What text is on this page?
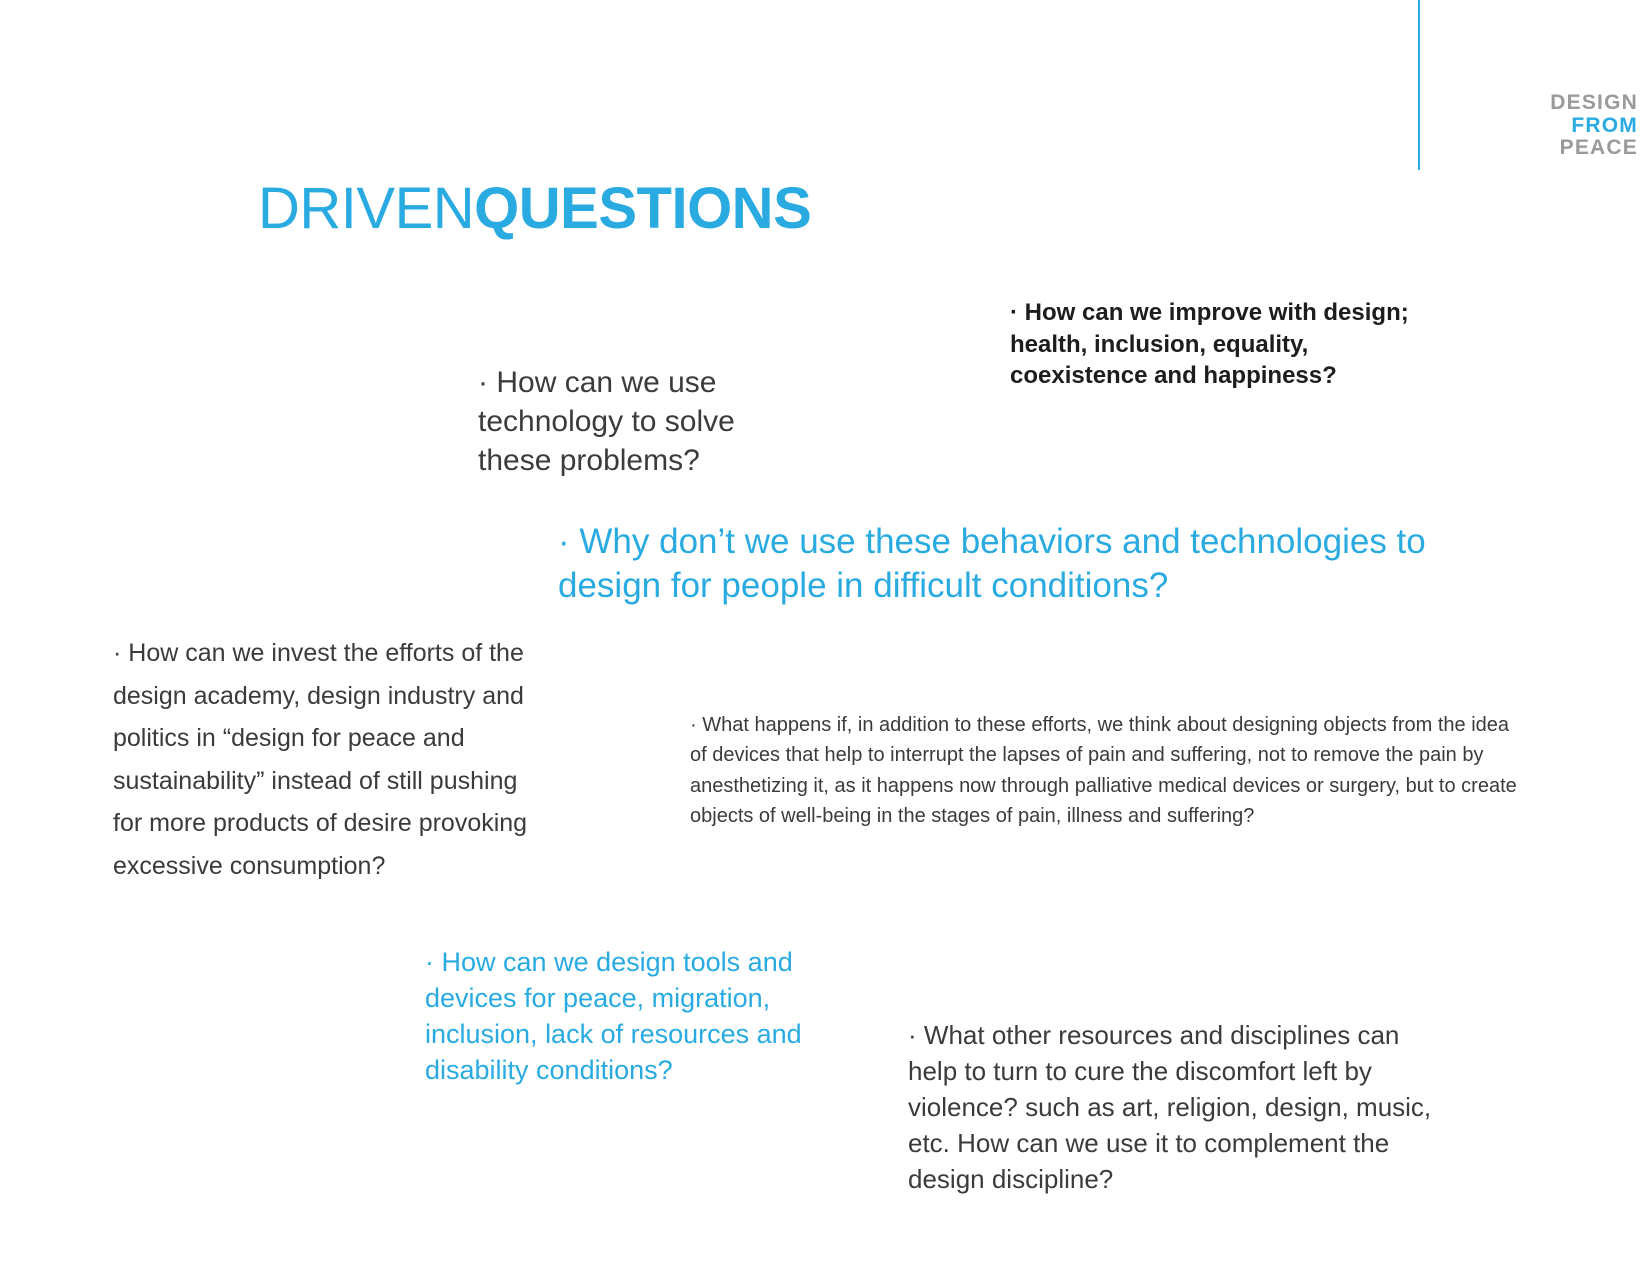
DESIGN
FROM
PEACE
DRIVENQUESTIONS
· How can we use technology to solve these problems?
· How can we improve with design; health, inclusion, equality, coexistence and happiness?
· Why don’t we use these behaviors and technologies to design for people in difficult conditions?
· How can we invest the efforts of the design academy, design industry and politics in “design for peace and sustainability” instead of still pushing for more products of desire provoking excessive consumption?
· What happens if, in addition to these efforts, we think about designing objects from the idea of devices that help to interrupt the lapses of pain and suffering, not to remove the pain by anesthetizing it, as it happens now through palliative medical devices or surgery, but to create objects of well-being in the stages of pain, illness and suffering?
· How can we design tools and devices for peace, migration, inclusion, lack of resources and disability conditions?
· What other resources and disciplines can help to turn to cure the discomfort left by violence? such as art, religion, design, music, etc. How can we use it to complement the design discipline?
